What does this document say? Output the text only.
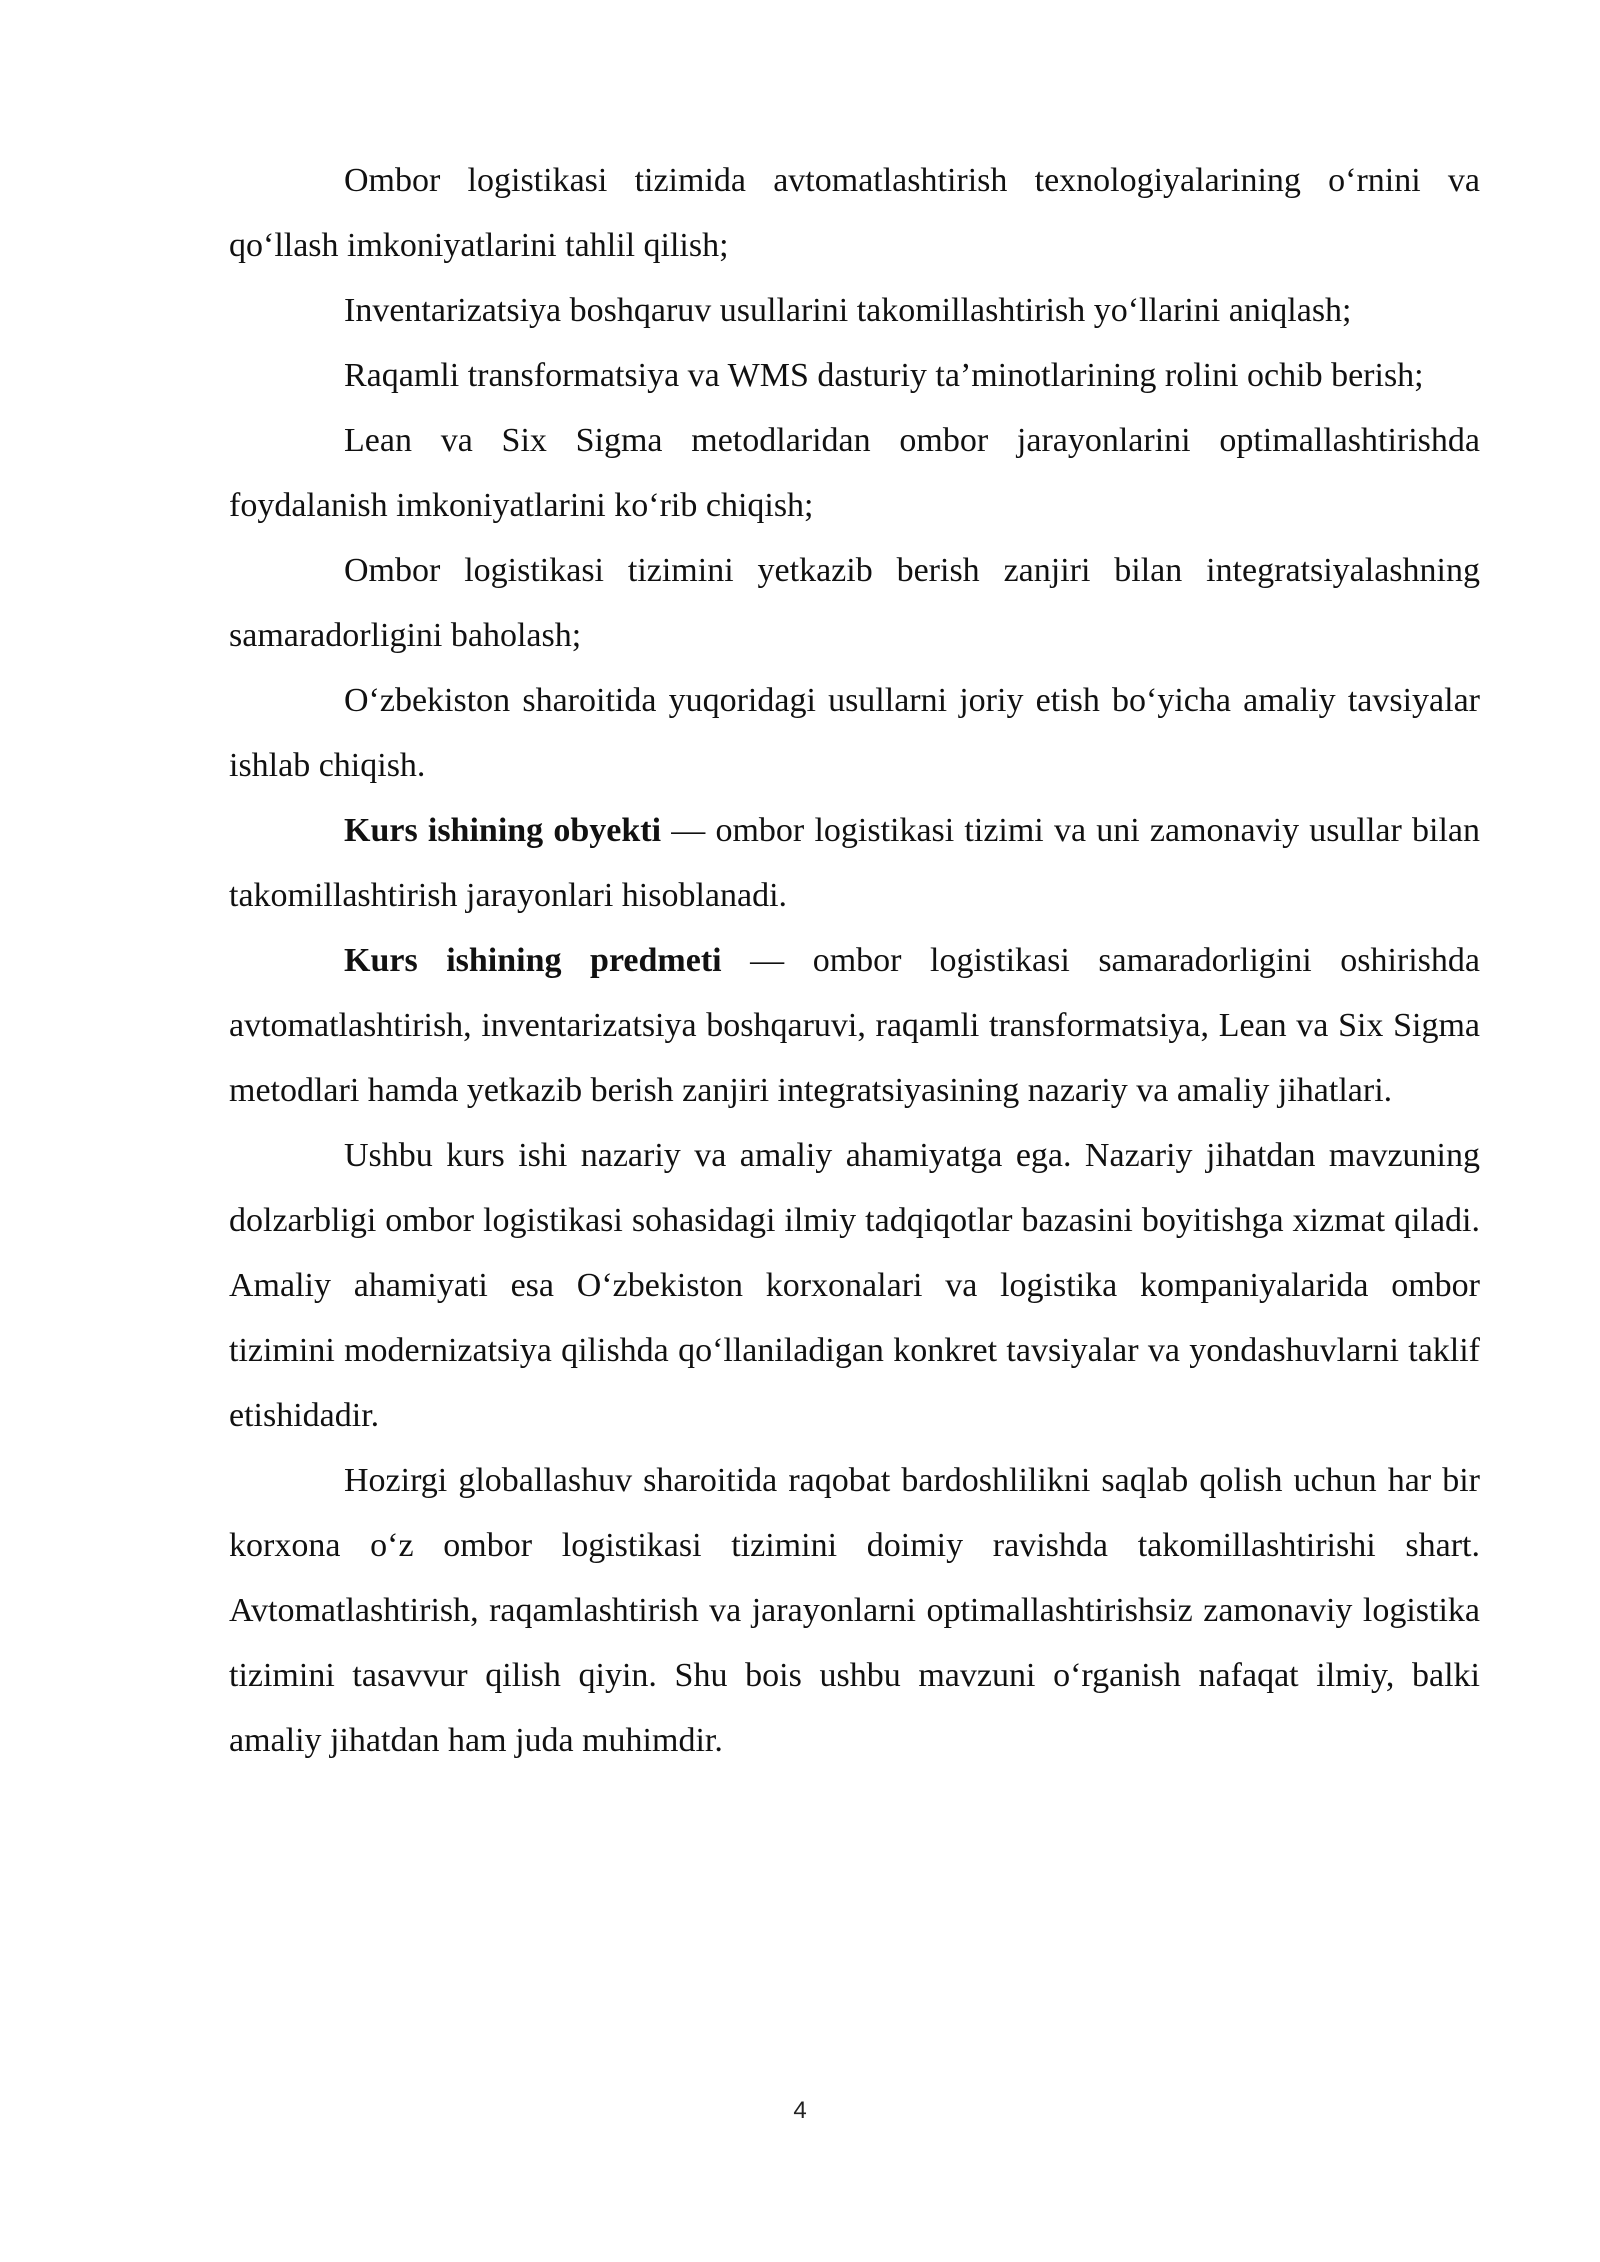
Ombor logistikasi tizimida avtomatlashtirish texnologiyalarining o‘rnini va qo‘llash imkoniyatlarini tahlil qilish;

Inventarizatsiya boshqaruv usullarini takomillashtirish yo‘llarini aniqlash;

Raqamli transformatsiya va WMS dasturiy ta’minotlarining rolini ochib berish;

Lean va Six Sigma metodlaridan ombor jarayonlarini optimallashtirishda foydalanish imkoniyatlarini ko‘rib chiqish;

Ombor logistikasi tizimini yetkazib berish zanjiri bilan integratsiyalashning samaradorligini baholash;

O‘zbekiston sharoitida yuqoridagi usullarni joriy etish bo‘yicha amaliy tavsiyalar ishlab chiqish.

Kurs ishining obyekti — ombor logistikasi tizimi va uni zamonaviy usullar bilan takomillashtirish jarayonlari hisoblanadi.

Kurs ishining predmeti — ombor logistikasi samaradorligini oshirishda avtomatlashtirish, inventarizatsiya boshqaruvi, raqamli transformatsiya, Lean va Six Sigma metodlari hamda yetkazib berish zanjiri integratsiyasining nazariy va amaliy jihatlari.

Ushbu kurs ishi nazariy va amaliy ahamiyatga ega. Nazariy jihatdan mavzuning dolzarbligi ombor logistikasi sohasidagi ilmiy tadqiqotlar bazasini boyitishga xizmat qiladi. Amaliy ahamiyati esa O‘zbekiston korxonalari va logistika kompaniyalarida ombor tizimini modernizatsiya qilishda qo‘llaniladigan konkret tavsiyalar va yondashuvlarni taklif etishidadir.

Hozirgi globallashuv sharoitida raqobat bardoshlilikni saqlab qolish uchun har bir korxona o‘z ombor logistikasi tizimini doimiy ravishda takomillashtirishi shart. Avtomatlashtirish, raqamlashtirish va jarayonlarni optimallashtirishsiz zamonaviy logistika tizimini tasavvur qilish qiyin. Shu bois ushbu mavzuni o‘rganish nafaqat ilmiy, balki amaliy jihatdan ham juda muhimdir.

4
